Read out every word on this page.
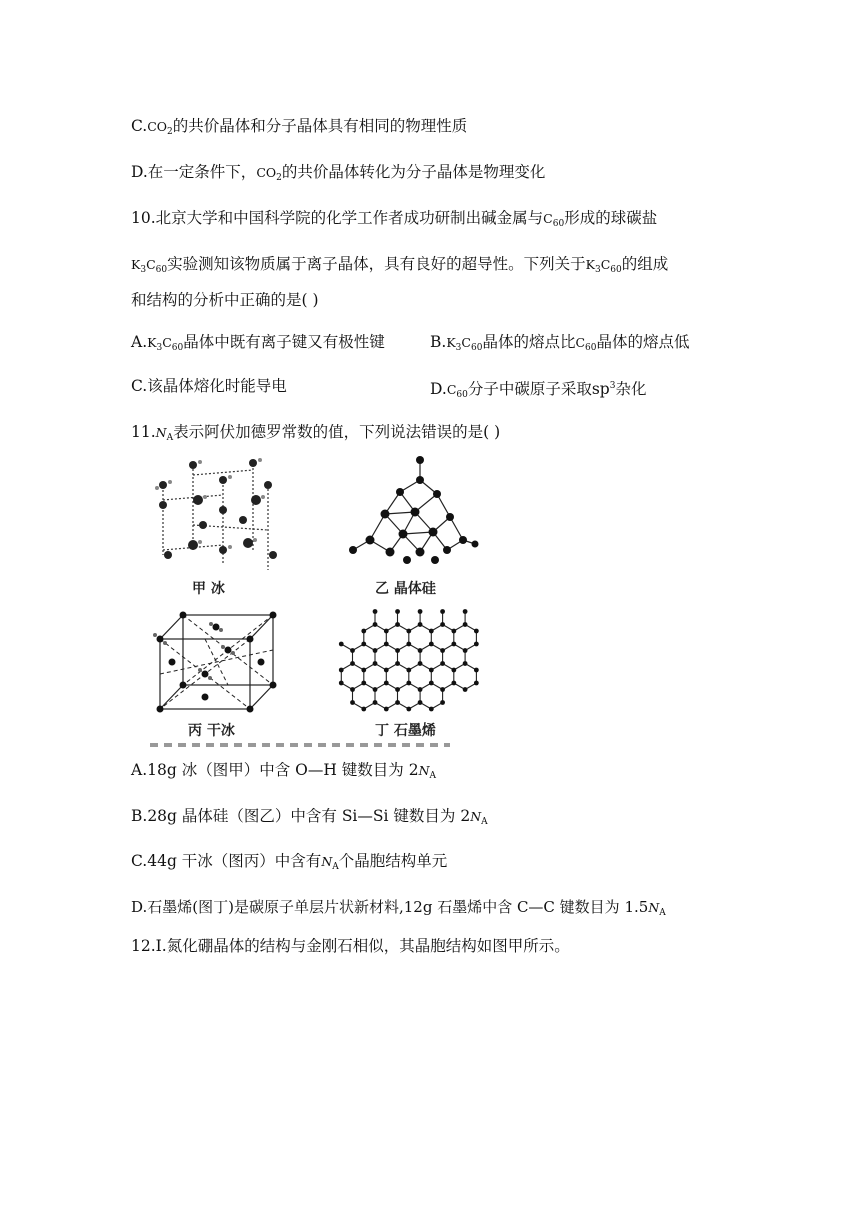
$C.CO_2$的共价晶体和分子晶体具有相同的物理性质
D.在一定条件下，$CO_2$的共价晶体转化为分子晶体是物理变化
10.北京大学和中国科学院的化学工作者成功研制出碱金属与$C_{60}$形成的球碳盐
$K_3C_{60}$实验测知该物质属于离子晶体，具有良好的超导性。下列关于$K_3C_{60}$的组成
和结构的分析中正确的是( )
$A.K_3C_{60}$晶体中既有离子键又有极性键	$B.K_3C_{60}$晶体的熔点比$C_{60}$晶体的熔点低
C.该晶体熔化时能导电	$D.C_{60}$分子中碳原子采取$sp^3$杂化
$11.N_A$表示阿伏加德罗常数的值，下列说法错误的是( )
甲 冰	乙 晶体硅
丙 干冰	丁 石墨烯
A.18g 冰（图甲）中含 O—H 键数目为 $2N_A$
B.28g 晶体硅（图乙）中含有 Si—Si 键数目为 $2N_A$
C.44g 干冰（图丙）中含有$N_A$个晶胞结构单元
D.石墨烯(图丁)是碳原子单层片状新材料,12g 石墨烯中含 C—C 键数目为 $1.5N_A$
12.I.氮化硼晶体的结构与金刚石相似，其晶胞结构如图甲所示。
